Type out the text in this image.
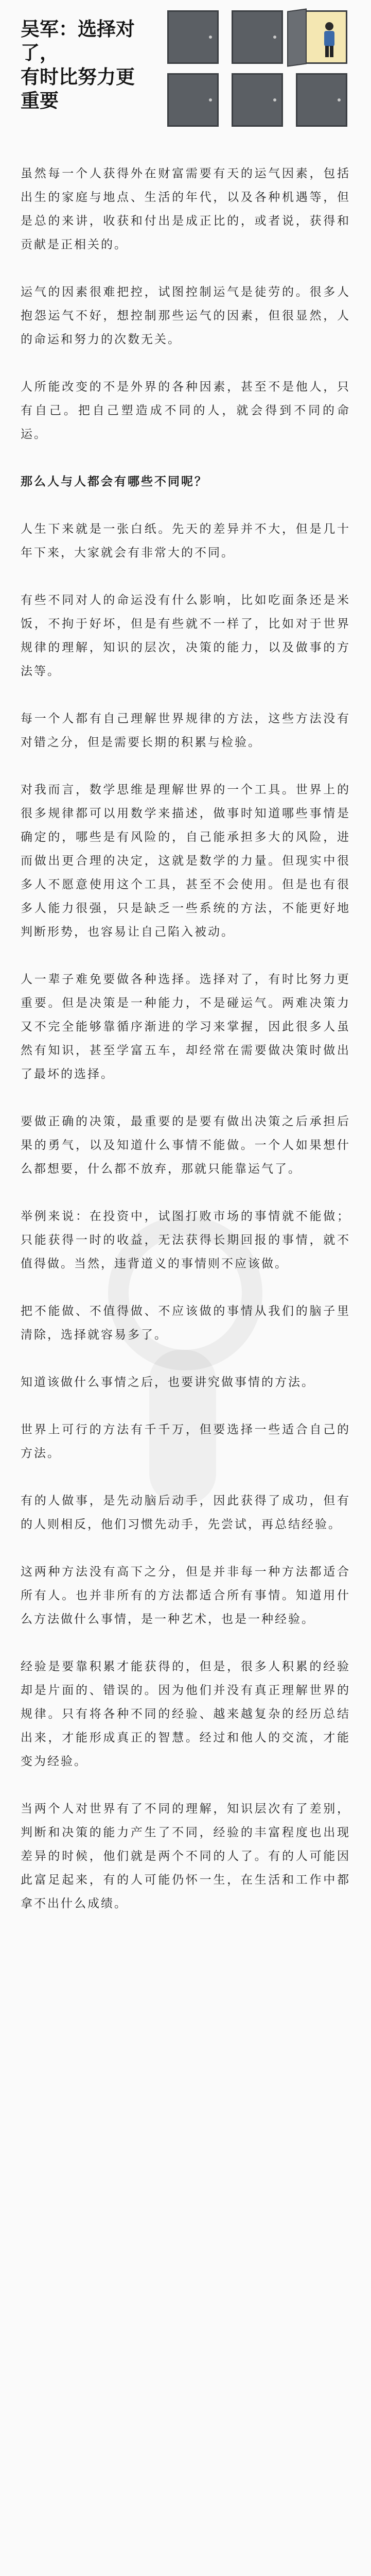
吴军：选择对了，
有时比努力更重要

虽然每一个人获得外在财富需要有天的运气因素，包括出生的家庭与地点、生活的年代，以及各种机遇等，但是总的来讲，收获和付出是成正比的，或者说，获得和贡献是正相关的。

运气的因素很难把控，试图控制运气是徒劳的。很多人抱怨运气不好，想控制那些运气的因素，但很显然，人的命运和努力的次数无关。

人所能改变的不是外界的各种因素，甚至不是他人，只有自己。把自己塑造成不同的人，就会得到不同的命运。

那么人与人都会有哪些不同呢？

人生下来就是一张白纸。先天的差异并不大，但是几十年下来，大家就会有非常大的不同。

有些不同对人的命运没有什么影响，比如吃面条还是米饭，不拘于好坏，但是有些就不一样了，比如对于世界规律的理解，知识的层次，决策的能力，以及做事的方法等。

每一个人都有自己理解世界规律的方法，这些方法没有对错之分，但是需要长期的积累与检验。

对我而言，数学思维是理解世界的一个工具。世界上的很多规律都可以用数学来描述，做事时知道哪些事情是确定的，哪些是有风险的，自己能承担多大的风险，进而做出更合理的决定，这就是数学的力量。但现实中很多人不愿意使用这个工具，甚至不会使用。但是也有很多人能力很强，只是缺乏一些系统的方法，不能更好地判断形势，也容易让自己陷入被动。

人一辈子难免要做各种选择。选择对了，有时比努力更重要。但是决策是一种能力，不是碰运气。两难决策力又不完全能够靠循序渐进的学习来掌握，因此很多人虽然有知识，甚至学富五车，却经常在需要做决策时做出了最坏的选择。

要做正确的决策，最重要的是要有做出决策之后承担后果的勇气，以及知道什么事情不能做。一个人如果想什么都想要，什么都不放弃，那就只能靠运气了。

举例来说：在投资中，试图打败市场的事情就不能做；只能获得一时的收益，无法获得长期回报的事情，就不值得做。当然，违背道义的事情则不应该做。

把不能做、不值得做、不应该做的事情从我们的脑子里清除，选择就容易多了。

知道该做什么事情之后，也要讲究做事情的方法。

世界上可行的方法有千千万，但要选择一些适合自己的方法。

有的人做事，是先动脑后动手，因此获得了成功，但有的人则相反，他们习惯先动手，先尝试，再总结经验。

这两种方法没有高下之分，但是并非每一种方法都适合所有人。也并非所有的方法都适合所有事情。知道用什么方法做什么事情，是一种艺术，也是一种经验。

经验是要靠积累才能获得的，但是，很多人积累的经验却是片面的、错误的。因为他们并没有真正理解世界的规律。只有将各种不同的经验、越来越复杂的经历总结出来，才能形成真正的智慧。经过和他人的交流，才能变为经验。

当两个人对世界有了不同的理解，知识层次有了差别，判断和决策的能力产生了不同，经验的丰富程度也出现差异的时候，他们就是两个不同的人了。有的人可能因此富足起来，有的人可能仍怀一生，在生活和工作中都拿不出什么成绩。
